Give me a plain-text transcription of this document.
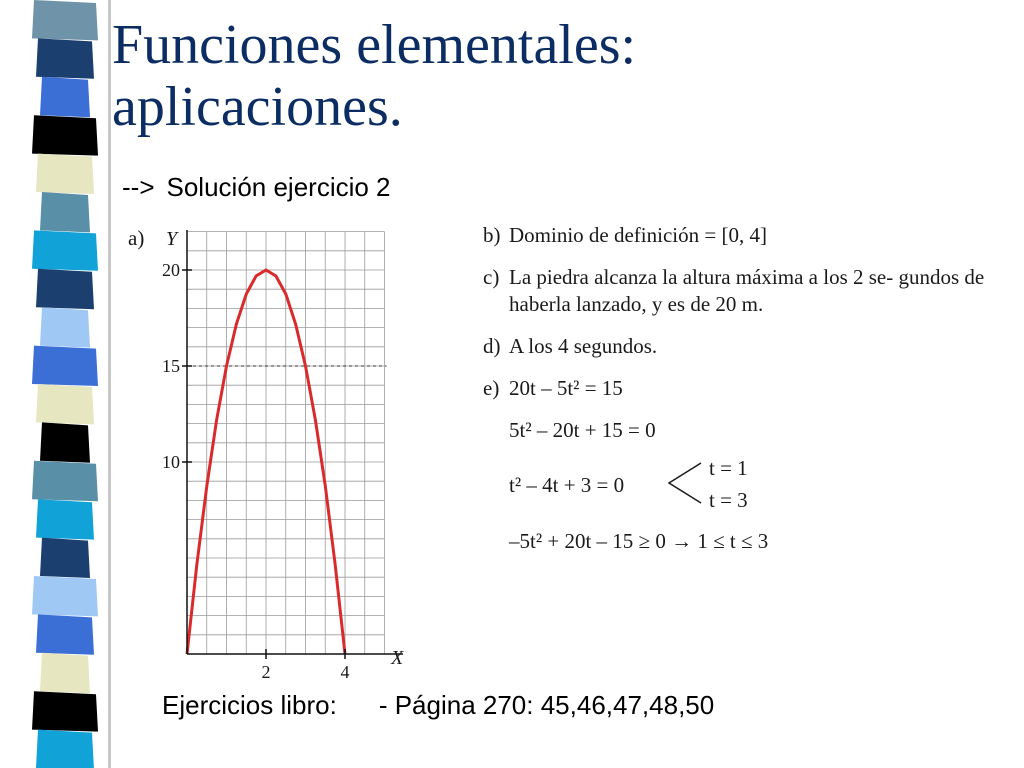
Funciones elementales:
aplicaciones.
--> Solución ejercicio 2
a) Y
X
10
15
20
2	4
b) Dominio de definición = [0, 4]
c) La piedra alcanza la altura máxima a los 2 se- gundos de haberla lanzado, y es de 20 m.
d) A los 4 segundos.
e) 20t – 5t² = 15
5t² – 20t + 15 = 0
t² – 4t + 3 = 0
t = 1
t = 3
–5t² + 20t – 15 ≥ 0 → 1 ≤ t ≤ 3
Ejercicios libro: - Página 270: 45,46,47,48,50
